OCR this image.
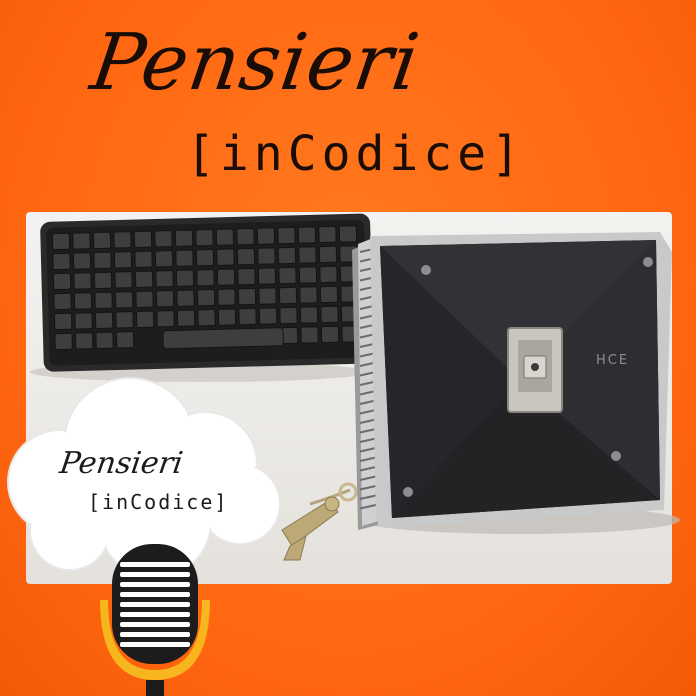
Pensieri
[inCodice]
HCE
Pensieri
[inCodice]
